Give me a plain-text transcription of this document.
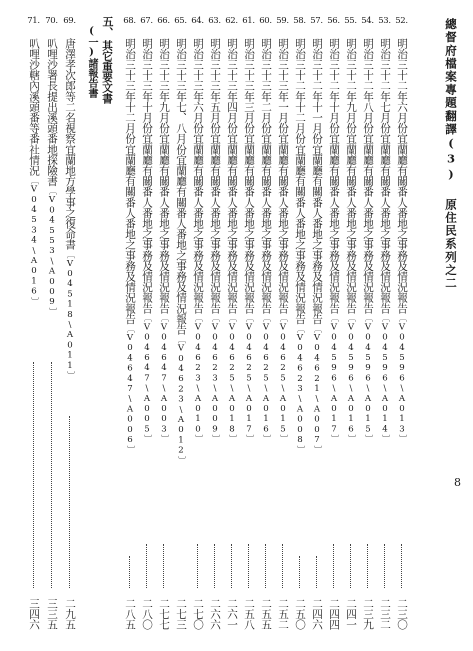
總督府檔案專題翻譯(3) 原住民系列之二
8
52.
明治三十二年六月份宜蘭廳有關番人番地之事務及情況報告〔V04596\A013〕
二三〇
53.
明治三十二年七月份宜蘭廳有關番人番地之事務及情況報告〔V04596\A014〕
二三二
54.
明治三十二年八月份宜蘭廳有關番人番地之事務及情況報告〔V04596\A015〕
二三九
55.
明治三十二年九月份宜蘭廳有關番人番地之事務及情況報告〔V04596\A016〕
二四一
56.
明治三十二年十月份宜蘭廳有關番人番地之事務及情況報告〔V04596\A017〕
二四四
57.
明治三十二年十一月份宜蘭廳有關番人番地之事務及情況報告〔V04621\A007〕
二四六
58.
明治三十二年十二月份宜蘭廳有關番人番地之事務及情況報告〔V04623\A008〕
二五〇
59.
明治三十三年一月份宜蘭廳有關番人番地之事務及情況報告〔V04625\A015〕
二五二
60.
明治三十三年二月份宜蘭廳有關番人番地之事務及情況報告〔V04625\A016〕
二五五
61.
明治三十三年三月份宜蘭廳有關番人番地之事務及情況報告〔V04625\A017〕
二五八
62.
明治三十三年四月份宜蘭廳有關番人番地之事務及情況報告〔V04625\A018〕
二六一
63.
明治三十三年五月份宜蘭廳有關番人番地之事務及情況報告〔V04623\A009〕
二六六
64.
明治三十三年六月份宜蘭廳有關番人番地之事務及情況報告〔V04623\A010〕
二七〇
65.
明治三十三年七、八月份宜蘭廳有關番人番地之事務及情況報告〔V04623\A012〕
二七三
66.
明治三十三年九月份宜蘭廳有關番人番地之事務及情況報告〔V04647\A003〕
二七七
67.
明治三十三年十月份宜蘭廳有關番人番地之事務及情況報告〔V04647\A005〕
二八〇
68.
明治三十三年十二月份宜蘭廳有關番人番地之事務及情況報告〔V04647\A006〕
二八五
五、
其它重要文書
(一)諸報告書
69.
唐澤孝次郎等二名視察宜蘭地方學事之復命書〔V04518\A011〕
二九五
70.
叭哩沙署長提出溪頭番地探險書〔V04553\A009〕
三三五
71.
叭哩沙轄內溪頭番等番社情況〔V04534\A016〕
三四六
